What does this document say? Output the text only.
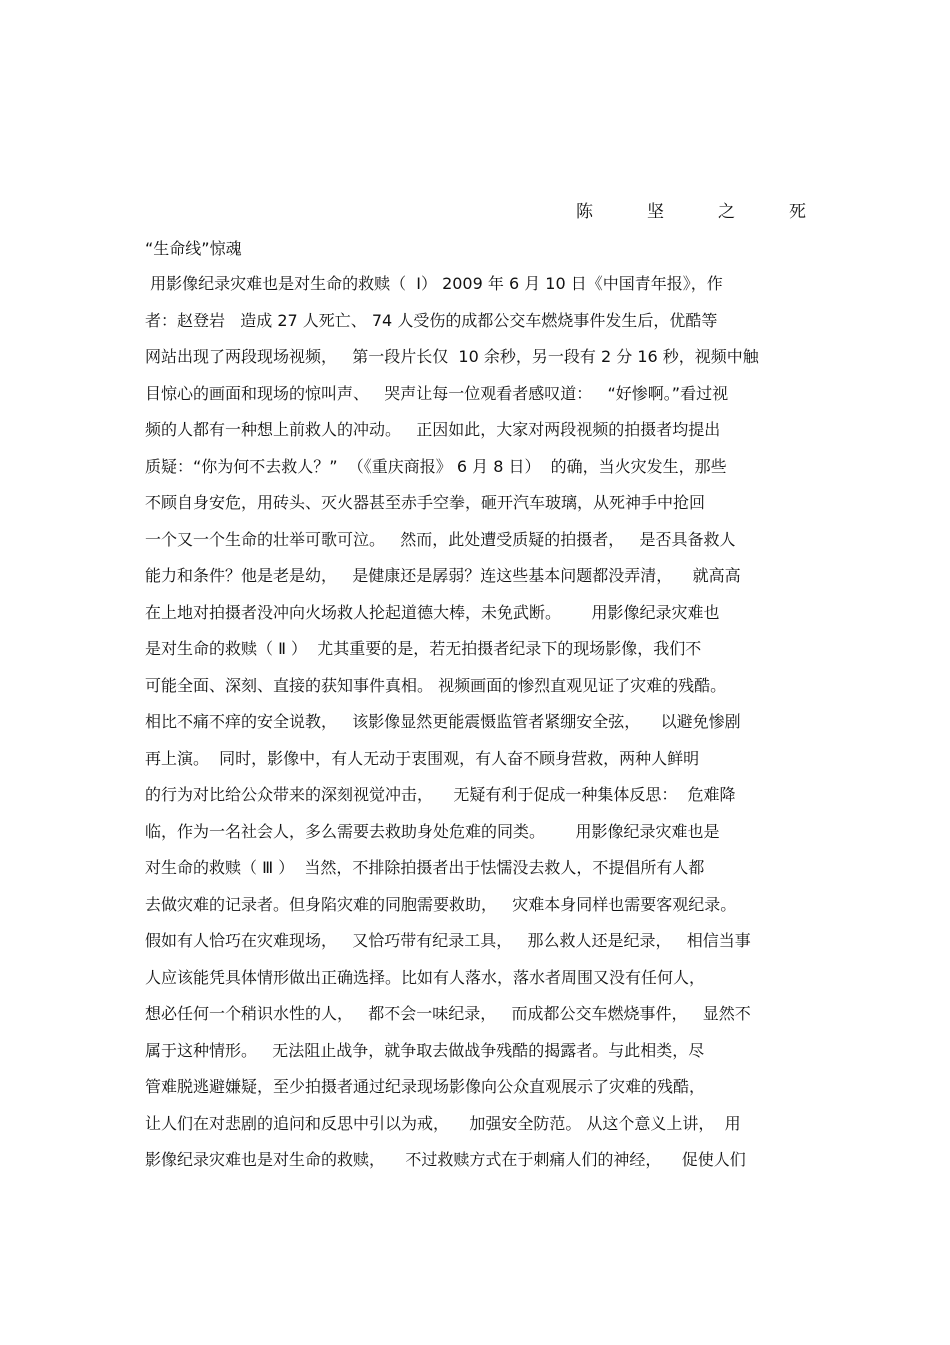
陈	坚	之	死
“生命线”惊魂
用影像纪录灾难也是对生命的救赎（  Ⅰ） 2009 年 6 月 10 日《中国青年报》，作
者：赵登岩   造成 27 人死亡、 74 人受伤的成都公交车燃烧事件发生后，优酷等
网站出现了两段现场视频，   第一段片长仅  10 余秒，另一段有 2 分 16 秒，视频中触
目惊心的画面和现场的惊叫声、   哭声让每一位观看者感叹道：   “好惨啊。”看过视
频的人都有一种想上前救人的冲动。   正因如此，大家对两段视频的拍摄者均提出
质疑：“你为何不去救人？”  （《重庆商报》 6 月 8 日）  的确，当火灾发生，那些
不顾自身安危，用砖头、灭火器甚至赤手空拳，砸开汽车玻璃，从死神手中抢回
一个又一个生命的壮举可歌可泣。   然而，此处遭受质疑的拍摄者，   是否具备救人
能力和条件？他是老是幼，   是健康还是孱弱？连这些基本问题都没弄清，    就高高
在上地对拍摄者没冲向火场救人抡起道德大棒，未免武断。      用影像纪录灾难也
是对生命的救赎（ Ⅱ ）  尤其重要的是，若无拍摄者纪录下的现场影像，我们不
可能全面、深刻、直接的获知事件真相。 视频画面的惨烈直观见证了灾难的残酷。
相比不痛不痒的安全说教，   该影像显然更能震慑监管者紧绷安全弦，    以避免惨剧
再上演。  同时，影像中，有人无动于衷围观，有人奋不顾身营救，两种人鲜明
的行为对比给公众带来的深刻视觉冲击，    无疑有利于促成一种集体反思：  危难降
临，作为一名社会人，多么需要去救助身处危难的同类。      用影像纪录灾难也是
对生命的救赎（ Ⅲ ）  当然，不排除拍摄者出于怯懦没去救人，不提倡所有人都
去做灾难的记录者。但身陷灾难的同胞需要救助，   灾难本身同样也需要客观纪录。
假如有人恰巧在灾难现场，   又恰巧带有纪录工具，   那么救人还是纪录，   相信当事
人应该能凭具体情形做出正确选择。比如有人落水，落水者周围又没有任何人，
想必任何一个稍识水性的人，   都不会一味纪录，   而成都公交车燃烧事件，   显然不
属于这种情形。   无法阻止战争，就争取去做战争残酷的揭露者。与此相类，尽
管难脱逃避嫌疑，至少拍摄者通过纪录现场影像向公众直观展示了灾难的残酷，
让人们在对悲剧的追问和反思中引以为戒，    加强安全防范。 从这个意义上讲，  用
影像纪录灾难也是对生命的救赎，    不过救赎方式在于刺痛人们的神经，    促使人们
